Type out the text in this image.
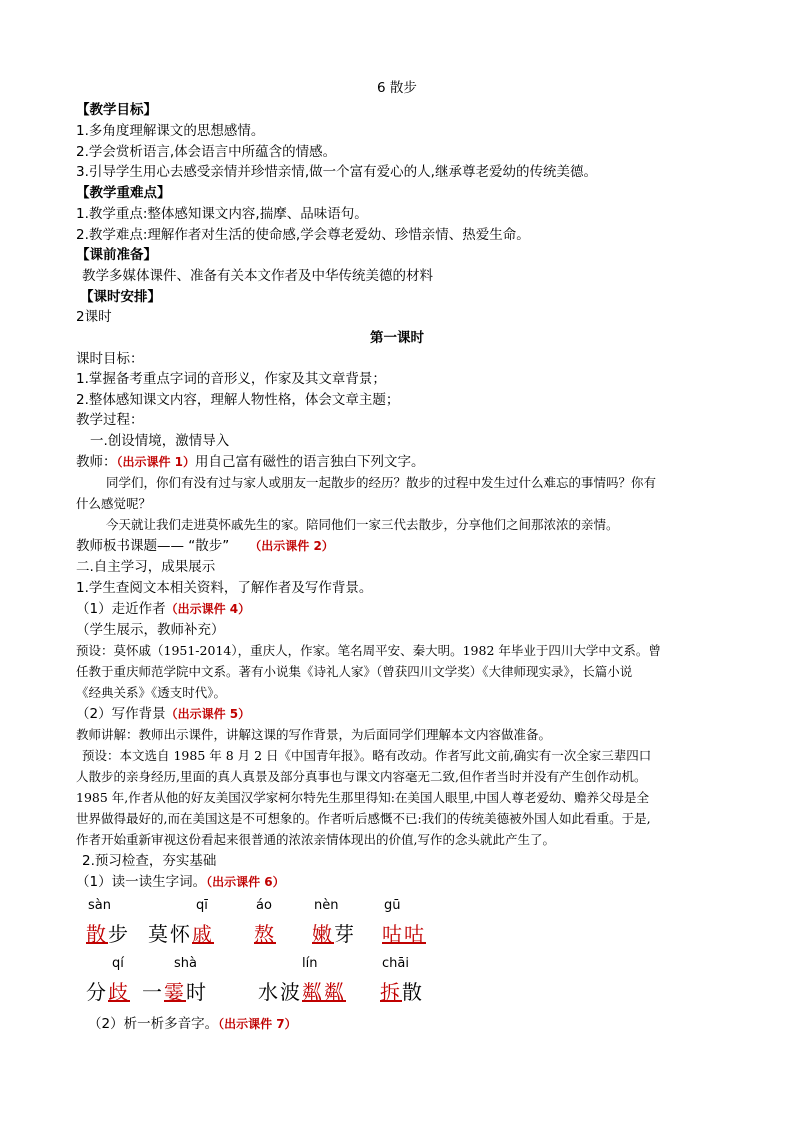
6 散步
【教学目标】
1.多角度理解课文的思想感情。
2.学会赏析语言,体会语言中所蕴含的情感。
3.引导学生用心去感受亲情并珍惜亲情,做一个富有爱心的人,继承尊老爱幼的传统美德。
【教学重难点】
1.教学重点:整体感知课文内容,揣摩、品味语句。
2.教学难点:理解作者对生活的使命感,学会尊老爱幼、珍惜亲情、热爱生命。
【课前准备】
教学多媒体课件、准备有关本文作者及中华传统美德的材料
【课时安排】
2课时
第一课时
课时目标：
1.掌握备考重点字词的音形义，作家及其文章背景；
2.整体感知课文内容，理解人物性格，体会文章主题；
教学过程：
一.创设情境，激情导入
教师：（出示课件 1）用自己富有磁性的语言独白下列文字。
同学们，你们有没有过与家人或朋友一起散步的经历？散步的过程中发生过什么难忘的事情吗？你有
什么感觉呢？
今天就让我们走进莫怀戚先生的家。陪同他们一家三代去散步，分享他们之间那浓浓的亲情。
教师板书课题—— “散步” （出示课件 2）
二.自主学习，成果展示
1.学生查阅文本相关资料，了解作者及写作背景。
（1）走近作者（出示课件 4）
（学生展示，教师补充）
预设：莫怀戚（1951-2014），重庆人，作家。笔名周平安、秦大明。1982 年毕业于四川大学中文系。曾
任教于重庆师范学院中文系。著有小说集《诗礼人家》（曾获四川文学奖）《大律师现实录》，长篇小说
《经典关系》《透支时代》。
（2）写作背景（出示课件 5）
教师讲解：教师出示课件，讲解这课的写作背景，为后面同学们理解本文内容做准备。
预设：本文选自 1985 年 8 月 2 日《中国青年报》。略有改动。作者写此文前,确实有一次全家三辈四口
人散步的亲身经历,里面的真人真景及部分真事也与课文内容毫无二致,但作者当时并没有产生创作动机。
1985 年,作者从他的好友美国汉学家柯尔特先生那里得知:在美国人眼里,中国人尊老爱幼、赡养父母是全
世界做得最好的,而在美国这是不可想象的。作者听后感慨不已:我们的传统美德被外国人如此看重。于是,
作者开始重新审视这份看起来很普通的浓浓亲情体现出的价值,写作的念头就此产生了。
2.预习检查，夯实基础
（1）读一读生字词。（出示课件 6）
sàn
散步
qī
莫怀戚
áo
熬
nèn
嫩芽
gū
咕咕
qí
分歧
shà
一霎时
lín
水波粼粼
chāi
拆散
（2）析一析多音字。（出示课件 7）
